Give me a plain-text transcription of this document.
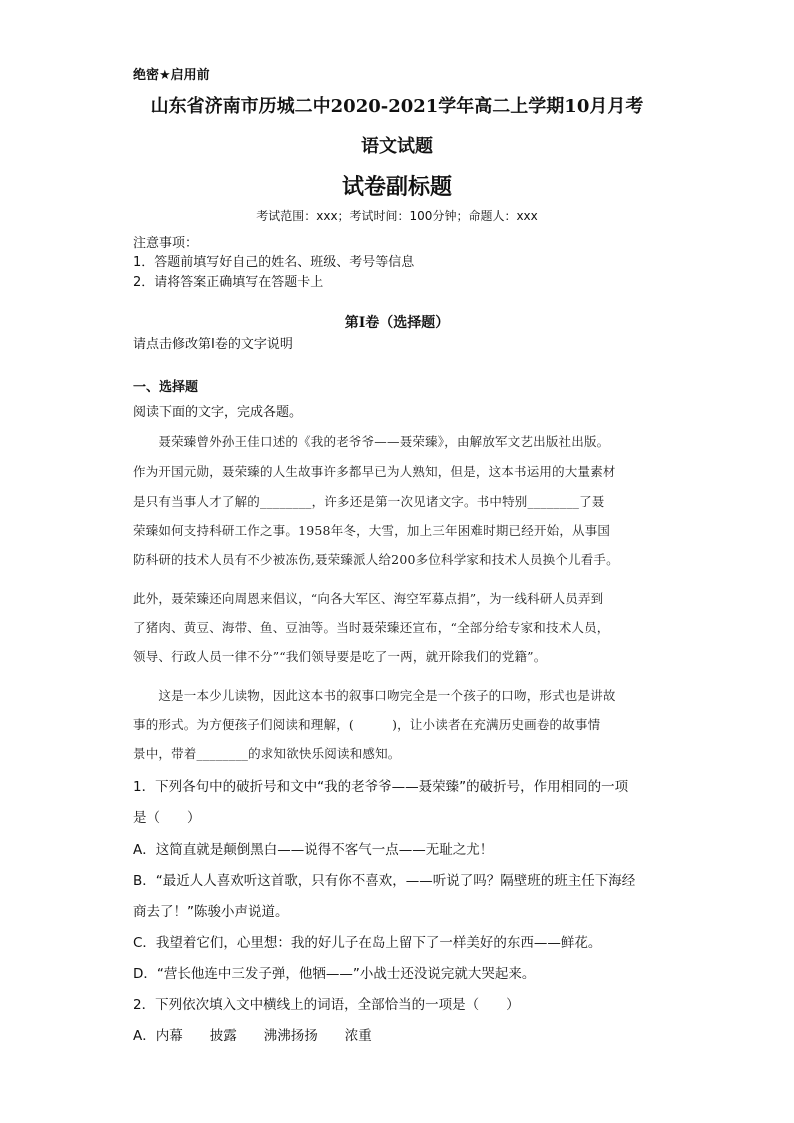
绝密★启用前
山东省济南市历城二中2020-2021学年高二上学期10月月考
语文试题
试卷副标题
考试范围：xxx；考试时间：100分钟；命题人：xxx
注意事项：
1．答题前填写好自己的姓名、班级、考号等信息
2．请将答案正确填写在答题卡上
第I卷（选择题）
请点击修改第I卷的文字说明
一、选择题
阅读下面的文字，完成各题。
　　聂荣臻曾外孙王佳口述的《我的老爷爷——聂荣臻》，由解放军文艺出版社出版。
作为开国元勋，聂荣臻的人生故事许多都早已为人熟知，但是，这本书运用的大量素材
是只有当事人才了解的________，许多还是第一次见诸文字。书中特别________了聂
荣臻如何支持科研工作之事。1958年冬，大雪，加上三年困难时期已经开始，从事国
防科研的技术人员有不少被冻伤,聂荣臻派人给200多位科学家和技术人员换个儿看手。
此外，聂荣臻还向周恩来倡议，“向各大军区、海空军募点捐”，为一线科研人员弄到
了猪肉、黄豆、海带、鱼、豆油等。当时聂荣臻还宣布，“全部分给专家和技术人员，
领导、行政人员一律不分”“我们领导要是吃了一两，就开除我们的党籍”。
　　这是一本少儿读物，因此这本书的叙事口吻完全是一个孩子的口吻，形式也是讲故
事的形式。为方便孩子们阅读和理解，(　　　)，让小读者在充满历史画卷的故事情
景中，带着________的求知欲快乐阅读和感知。
1．下列各句中的破折号和文中“我的老爷爷——聂荣臻”的破折号，作用相同的一项
是（　　）
A．这简直就是颠倒黑白——说得不客气一点——无耻之尤！
B．“最近人人喜欢听这首歌，只有你不喜欢，——听说了吗？隔壁班的班主任下海经
商去了！”陈骏小声说道。
C．我望着它们，心里想：我的好儿子在岛上留下了一样美好的东西——鲜花。
D．“营长他连中三发子弹，他牺——”小战士还没说完就大哭起来。
2．下列依次填入文中横线上的词语，全部恰当的一项是（　　）
A．内幕　　披露　　沸沸扬扬　　浓重
